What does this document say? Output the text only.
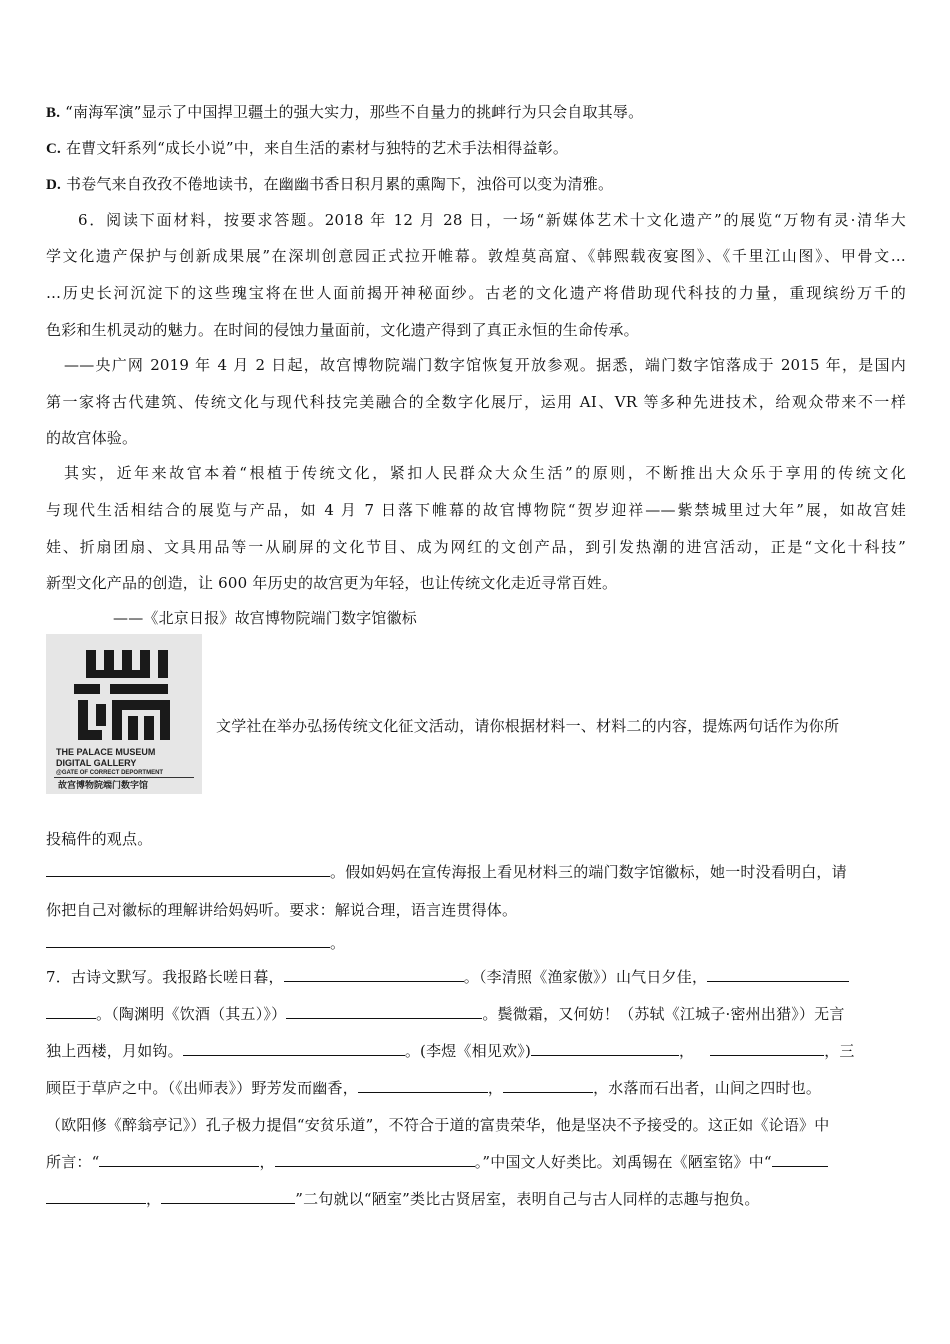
B. “南海军演”显示了中国捍卫疆土的强大实力，那些不自量力的挑衅行为只会自取其辱。
C. 在曹文轩系列“成长小说”中，来自生活的素材与独特的艺术手法相得益彰。
D. 书卷气来自孜孜不倦地读书，在幽幽书香日积月累的熏陶下，浊俗可以变为清雅。
6．阅读下面材料，按要求答题。2018 年 12 月 28 日，一场“新媒体艺术十文化遗产”的展览“万物有灵·清华大
学文化遗产保护与创新成果展”在深圳创意园正式拉开帷幕。敦煌莫高窟、《韩熙载夜宴图》、《千里江山图》、甲骨文…
…历史长河沉淀下的这些瑰宝将在世人面前揭开神秘面纱。古老的文化遗产将借助现代科技的力量，重现缤纷万千的
色彩和生机灵动的魅力。在时间的侵蚀力量面前，文化遗产得到了真正永恒的生命传承。
——央广网 2019 年 4 月 2 日起，故宫博物院端门数字馆恢复开放参观。据悉，端门数字馆落成于 2015 年，是国内
第一家将古代建筑、传统文化与现代科技完美融合的全数字化展厅，运用 AI、VR 等多种先进技术，给观众带来不一样
的故宫体验。
其实，近年来故官本着“根植于传统文化，紧扣人民群众大众生活”的原则，不断推出大众乐于享用的传统文化
与现代生活相结合的展览与产品，如 4 月 7 日落下帷幕的故官博物院“贺岁迎祥——紫禁城里过大年”展，如故宫娃
娃、折扇团扇、文具用品等一从刷屏的文化节目、成为网红的文创产品，到引发热潮的进宫活动，正是“文化十科技”
新型文化产品的创造，让 600 年历史的故宫更为年轻，也让传统文化走近寻常百姓。
——《北京日报》故宫博物院端门数字馆徽标
THE PALACE MUSEUM
DIGITAL GALLERY
@GATE OF CORRECT DEPORTMENT
故宫博物院端门数字馆
文学社在举办弘扬传统文化征文活动，请你根据材料一、材料二的内容，提炼两句话作为你所
投稿件的观点。
。假如妈妈在宣传海报上看见材料三的端门数字馆徽标，她一时没看明白，请
你把自己对徽标的理解讲给妈妈听。要求：解说合理，语言连贯得体。
。
7．古诗文默写。我报路长嗟日暮，	。（李清照《渔家傲》）山气日夕佳，
。（陶渊明《饮酒（其五）》）	。鬓微霜，又何妨！（苏轼《江城子·密州出猎》）无言
独上西楼，月如钩。	。(李煜《相见欢》)	，	，三
顾臣于草庐之中。（《出师表》）野芳发而幽香，	，	，水落而石出者，山间之四时也。
（欧阳修《醉翁亭记》）孔子极力提倡“安贫乐道”，不符合于道的富贵荣华，他是坚决不予接受的。这正如《论语》中
所言：“	，	。”中国文人好类比。刘禹锡在《陋室铭》中“
，	”二句就以“陋室”类比古贤居室，表明自己与古人同样的志趣与抱负。
